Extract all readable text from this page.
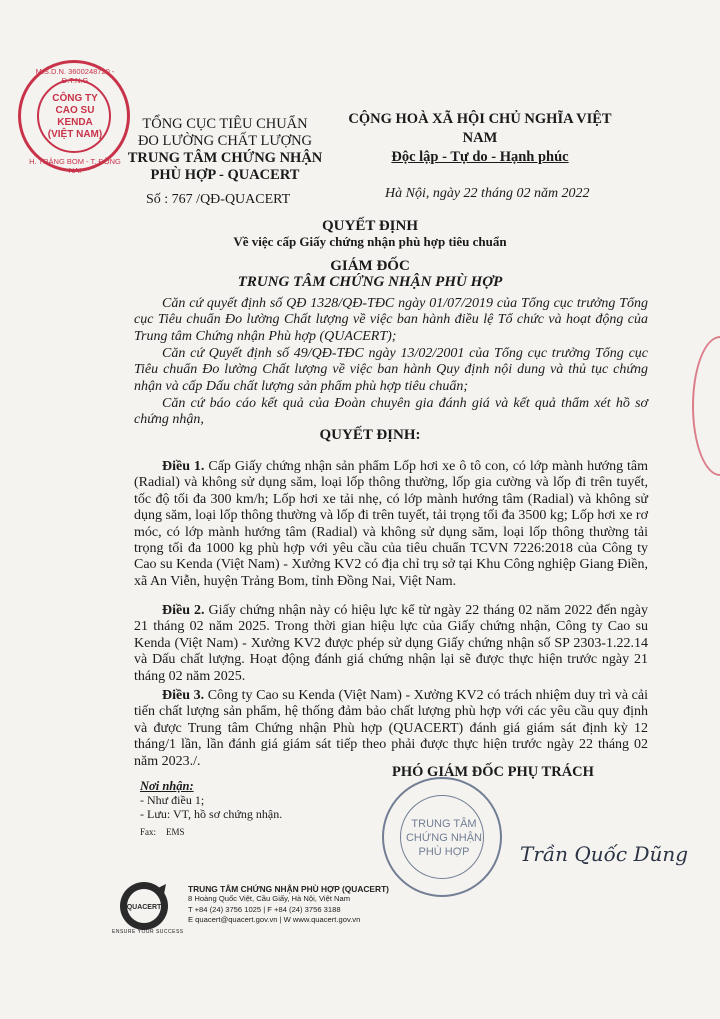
M.S.D.N. 3600248720 - Đ.T.N.G
CÔNG TY
CAO SU
KENDA
(VIỆT NAM)
H. TRẢNG BOM - T. ĐỒNG NAI
TỔNG CỤC TIÊU CHUẨN
ĐO LƯỜNG CHẤT LƯỢNG
TRUNG TÂM CHỨNG NHẬN
PHÙ HỢP - QUACERT
CỘNG HOÀ XÃ HỘI CHỦ NGHĨA VIỆT NAM
Độc lập - Tự do - Hạnh phúc
Số : 767 /QĐ-QUACERT	Hà Nội, ngày 22 tháng 02 năm 2022
QUYẾT ĐỊNH
Về việc cấp Giấy chứng nhận phù hợp tiêu chuẩn
GIÁM ĐỐC
TRUNG TÂM CHỨNG NHẬN PHÙ HỢP
Căn cứ quyết định số QĐ 1328/QĐ-TĐC ngày 01/07/2019 của Tổng cục trưởng Tổng cục Tiêu chuẩn Đo lường Chất lượng về việc ban hành điều lệ Tổ chức và hoạt động của Trung tâm Chứng nhận Phù hợp (QUACERT);
Căn cứ Quyết định số 49/QĐ-TĐC ngày 13/02/2001 của Tổng cục trưởng Tổng cục Tiêu chuẩn Đo lường Chất lượng về việc ban hành Quy định nội dung và thủ tục chứng nhận và cấp Dấu chất lượng sản phẩm phù hợp tiêu chuẩn;
Căn cứ báo cáo kết quả của Đoàn chuyên gia đánh giá và kết quả thẩm xét hồ sơ chứng nhận,
QUYẾT ĐỊNH:
Điều 1. Cấp Giấy chứng nhận sản phẩm Lốp hơi xe ô tô con, có lớp mành hướng tâm (Radial) và không sử dụng săm, loại lốp thông thường, lốp gia cường và lốp đi trên tuyết, tốc độ tối đa 300 km/h; Lốp hơi xe tải nhẹ, có lớp mành hướng tâm (Radial) và không sử dụng săm, loại lốp thông thường và lốp đi trên tuyết, tải trọng tối đa 3500 kg; Lốp hơi xe rơ móc, có lớp mành hướng tâm (Radial) và không sử dụng săm, loại lốp thông thường tải trọng tối đa 1000 kg phù hợp với yêu cầu của tiêu chuẩn TCVN 7226:2018 của Công ty Cao su Kenda (Việt Nam) - Xưởng KV2 có địa chỉ trụ sở tại Khu Công nghiệp Giang Điền, xã An Viễn, huyện Trảng Bom, tỉnh Đồng Nai, Việt Nam.
Điều 2. Giấy chứng nhận này có hiệu lực kể từ ngày 22 tháng 02 năm 2022 đến ngày 21 tháng 02 năm 2025. Trong thời gian hiệu lực của Giấy chứng nhận, Công ty Cao su Kenda (Việt Nam) - Xưởng KV2 được phép sử dụng Giấy chứng nhận số SP 2303-1.22.14 và Dấu chất lượng. Hoạt động đánh giá chứng nhận lại sẽ được thực hiện trước ngày 21 tháng 02 năm 2025.
Điều 3. Công ty Cao su Kenda (Việt Nam) - Xưởng KV2 có trách nhiệm duy trì và cải tiến chất lượng sản phẩm, hệ thống đảm bảo chất lượng phù hợp với các yêu cầu quy định và được Trung tâm Chứng nhận Phù hợp (QUACERT) đánh giá giám sát định kỳ 12 tháng/1 lần, lần đánh giá giám sát tiếp theo phải được thực hiện trước ngày 22 tháng 02 năm 2023./.
Nơi nhận:
- Như điều 1;
- Lưu: VT, hồ sơ chứng nhận.
Fax: EMS
PHÓ GIÁM ĐỐC PHỤ TRÁCH
TRUNG TÂM
CHỨNG NHẬN
PHÙ HỢP	Trần Quốc Dũng
QUACERT
ENSURE YOUR SUCCESS
TRUNG TÂM CHỨNG NHẬN PHÙ HỢP (QUACERT)
8 Hoàng Quốc Việt, Cầu Giấy, Hà Nội, Việt Nam
T +84 (24) 3756 1025 | F +84 (24) 3756 3188
E quacert@quacert.gov.vn | W www.quacert.gov.vn
